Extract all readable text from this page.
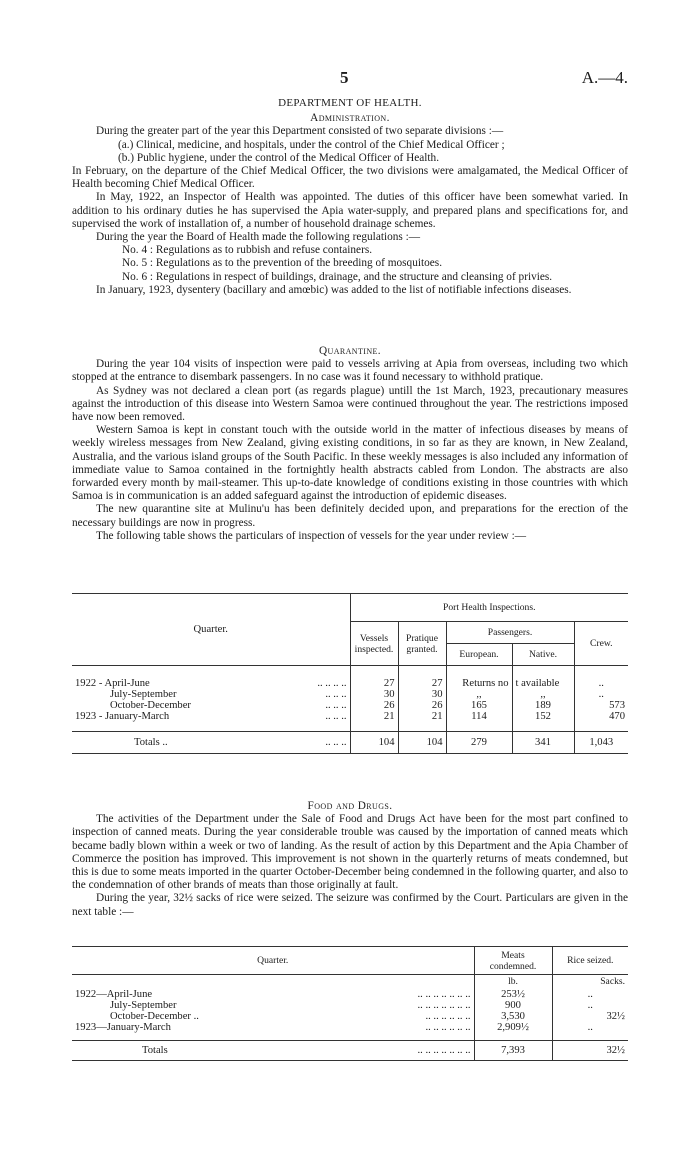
5	A.—4.
DEPARTMENT OF HEALTH.
Administration.

During the greater part of the year this Department consisted of two separate divisions :—

(a.) Clinical, medicine, and hospitals, under the control of the Chief Medical Officer ;

(b.) Public hygiene, under the control of the Medical Officer of Health.

In February, on the departure of the Chief Medical Officer, the two divisions were amalgamated, the Medical Officer of Health becoming Chief Medical Officer.

In May, 1922, an Inspector of Health was appointed. The duties of this officer have been somewhat varied. In addition to his ordinary duties he has supervised the Apia water-supply, and prepared plans and specifications for, and supervised the work of installation of, a number of household drainage schemes.

During the year the Board of Health made the following regulations :—

No. 4 : Regulations as to rubbish and refuse containers.

No. 5 : Regulations as to the prevention of the breeding of mosquitoes.

No. 6 : Regulations in respect of buildings, drainage, and the structure and cleansing of privies.

In January, 1923, dysentery (bacillary and amœbic) was added to the list of notifiable infections diseases.

Quarantine.

During the year 104 visits of inspection were paid to vessels arriving at Apia from overseas, including two which stopped at the entrance to disembark passengers. In no case was it found necessary to withhold pratique.

As Sydney was not declared a clean port (as regards plague) untill the 1st March, 1923, precautionary measures against the introduction of this disease into Western Samoa were continued throughout the year. The restrictions imposed have now been removed.

Western Samoa is kept in constant touch with the outside world in the matter of infectious diseases by means of weekly wireless messages from New Zealand, giving existing conditions, in so far as they are known, in New Zealand, Australia, and the various island groups of the South Pacific. In these weekly messages is also included any information of immediate value to Samoa contained in the fortnightly health abstracts cabled from London. The abstracts are also forwarded every month by mail-steamer. This up-to-date knowledge of conditions existing in those countries with which Samoa is in communication is an added safeguard against the introduction of epidemic diseases.

The new quarantine site at Mulinu'u has been definitely decided upon, and preparations for the erection of the necessary buildings are now in progress.

The following table shows the particulars of inspection of vessels for the year under review :—

Quarter.	Port Health Inspections.				
	Vessels inspected.	Pratique granted.	Passengers.		Crew.
			European.	Native.	

1922 - April-June .. .. .. ..	27	27	Returns no	t available	..
July-September .. .. ..	30	30	,,	,,	..
October-December .. .. ..	26	26	165	189	573
1923 - January-March .. .. ..	21	21	114	152	470

Totals .. .. .. ..	104	104	279	341	1,043
Food and Drugs.

The activities of the Department under the Sale of Food and Drugs Act have been for the most part confined to inspection of canned meats. During the year considerable trouble was caused by the importation of canned meats which became badly blown within a week or two of landing. As the result of action by this Department and the Apia Chamber of Commerce the position has improved. This improvement is not shown in the quarterly returns of meats condemned, but this is due to some meats imported in the quarter October-December being condemned in the following quarter, and also to the condemnation of other brands of meats than those originally at fault.

During the year, 32½ sacks of rice were seized. The seizure was confirmed by the Court. Particulars are given in the next table :—

Quarter.	Meats condemned.	Rice seized.
	lb.	Sacks.
1922—April-June .. .. .. .. .. .. ..	253½	..
July-September .. .. .. .. .. .. ..	900	..
October-December .. .. .. .. .. .. ..	3,530	32½
1923—January-March .. .. .. .. .. ..	2,909½	..

Totals .. .. .. .. .. .. ..	7,393	32½
